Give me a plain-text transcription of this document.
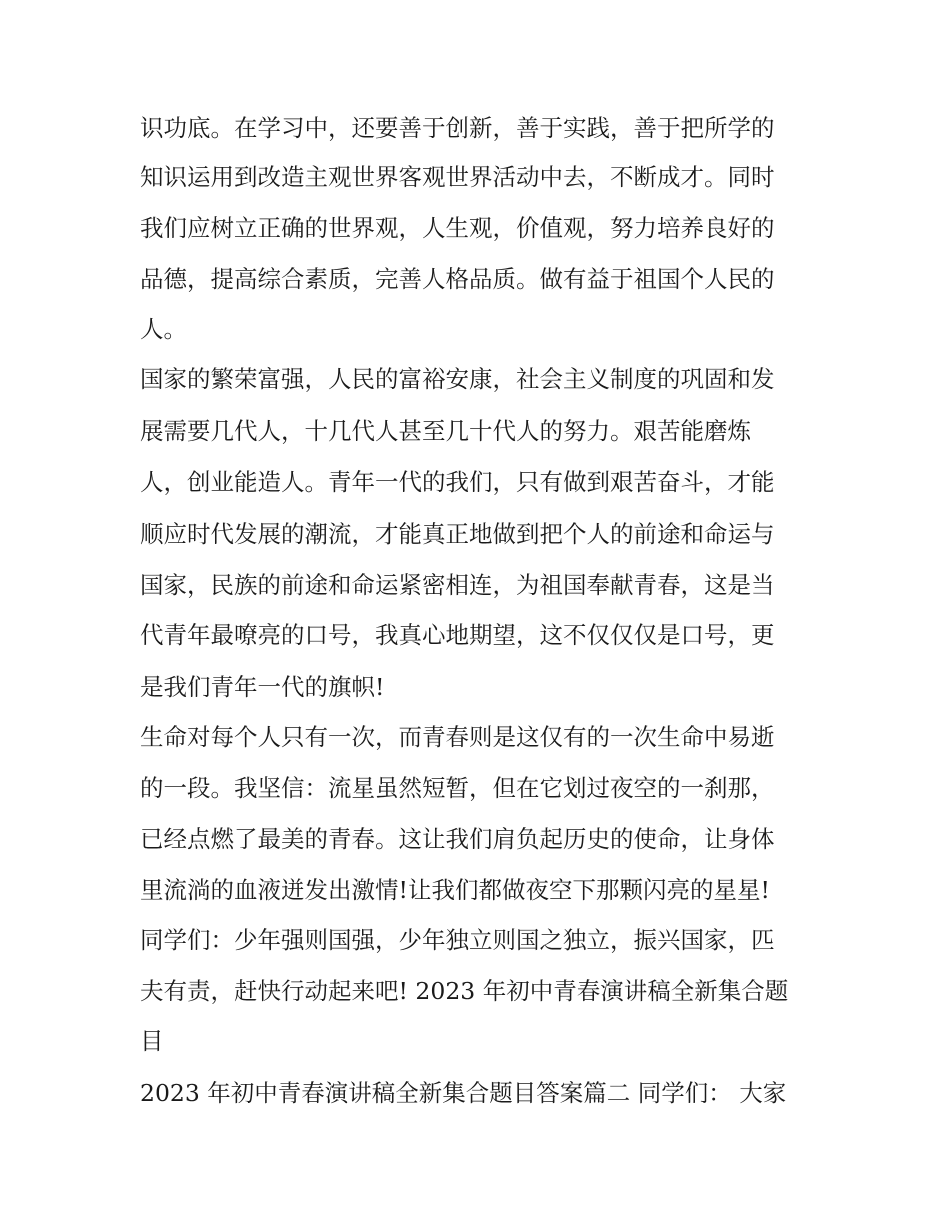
识功底。在学习中，还要善于创新，善于实践，善于把所学的

知识运用到改造主观世界客观世界活动中去，不断成才。同时

我们应树立正确的世界观，人生观，价值观，努力培养良好的

品德，提高综合素质，完善人格品质。做有益于祖国个人民的

人。

国家的繁荣富强，人民的富裕安康，社会主义制度的巩固和发

展需要几代人，十几代人甚至几十代人的努力。艰苦能磨炼

人，创业能造人。青年一代的我们，只有做到艰苦奋斗，才能

顺应时代发展的潮流，才能真正地做到把个人的前途和命运与

国家，民族的前途和命运紧密相连，为祖国奉献青春，这是当

代青年最嘹亮的口号，我真心地期望，这不仅仅仅是口号，更

是我们青年一代的旗帜!

生命对每个人只有一次，而青春则是这仅有的一次生命中易逝

的一段。我坚信：流星虽然短暂，但在它划过夜空的一刹那，

已经点燃了最美的青春。这让我们肩负起历史的使命，让身体

里流淌的血液迸发出激情!让我们都做夜空下那颗闪亮的星星!

同学们：少年强则国强，少年独立则国之独立，振兴国家，匹

夫有责，赶快行动起来吧! 2023 年初中青春演讲稿全新集合题

目

2023 年初中青春演讲稿全新集合题目答案篇二 同学们： 大家
